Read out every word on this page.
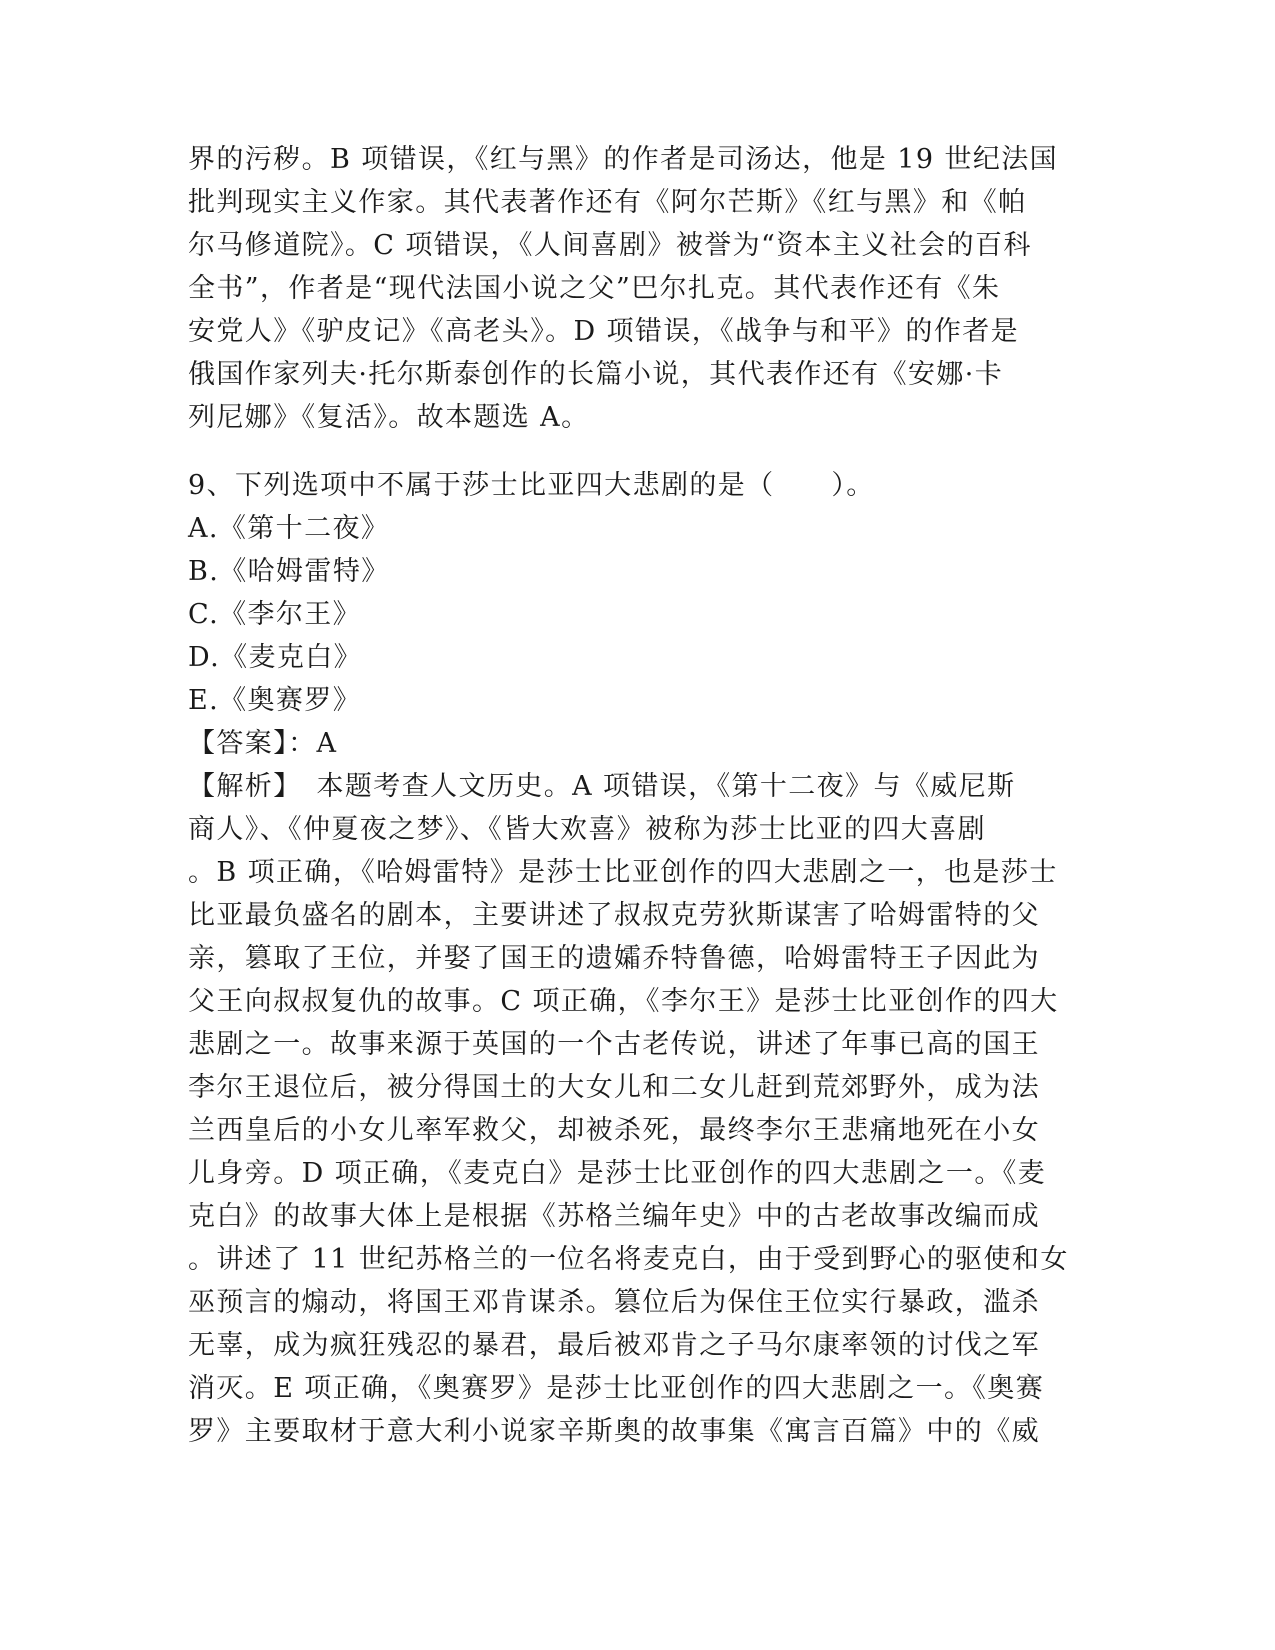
界的污秽。B 项错误，《红与黑》的作者是司汤达，他是 19 世纪法国
批判现实主义作家。其代表著作还有《阿尔芒斯》《红与黑》和《帕
尔马修道院》。C 项错误，《人间喜剧》被誉为“资本主义社会的百科
全书”，作者是“现代法国小说之父”巴尔扎克。其代表作还有《朱
安党人》《驴皮记》《高老头》。D 项错误，《战争与和平》的作者是
俄国作家列夫·托尔斯泰创作的长篇小说，其代表作还有《安娜·卡
列尼娜》《复活》。故本题选 A。
9、下列选项中不属于莎士比亚四大悲剧的是（　　）。
A.《第十二夜》
B.《哈姆雷特》
C.《李尔王》
D.《麦克白》
E.《奥赛罗》
【答案】：A
【解析】　本题考查人文历史。A 项错误，《第十二夜》与《威尼斯
商人》、《仲夏夜之梦》、《皆大欢喜》被称为莎士比亚的四大喜剧
。B 项正确，《哈姆雷特》是莎士比亚创作的四大悲剧之一，也是莎士
比亚最负盛名的剧本，主要讲述了叔叔克劳狄斯谋害了哈姆雷特的父
亲，篡取了王位，并娶了国王的遗孀乔特鲁德，哈姆雷特王子因此为
父王向叔叔复仇的故事。C 项正确，《李尔王》是莎士比亚创作的四大
悲剧之一。故事来源于英国的一个古老传说，讲述了年事已高的国王
李尔王退位后，被分得国土的大女儿和二女儿赶到荒郊野外，成为法
兰西皇后的小女儿率军救父，却被杀死，最终李尔王悲痛地死在小女
儿身旁。D 项正确，《麦克白》是莎士比亚创作的四大悲剧之一。《麦
克白》的故事大体上是根据《苏格兰编年史》中的古老故事改编而成
。讲述了 11 世纪苏格兰的一位名将麦克白，由于受到野心的驱使和女
巫预言的煽动，将国王邓肯谋杀。篡位后为保住王位实行暴政，滥杀
无辜，成为疯狂残忍的暴君，最后被邓肯之子马尔康率领的讨伐之军
消灭。E 项正确，《奥赛罗》是莎士比亚创作的四大悲剧之一。《奥赛
罗》主要取材于意大利小说家辛斯奥的故事集《寓言百篇》中的《威
